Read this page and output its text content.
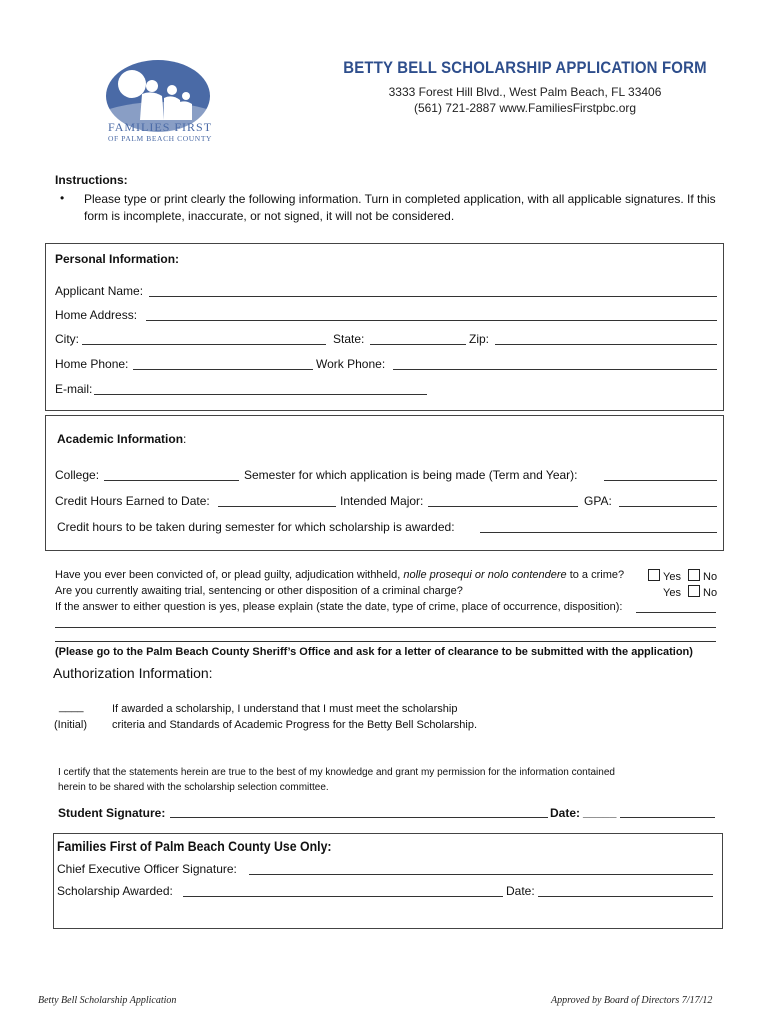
FAMILIES FIRST
OF PALM BEACH COUNTY
BETTY BELL SCHOLARSHIP APPLICATION FORM
3333 Forest Hill Blvd., West Palm Beach, FL 33406
(561) 721-2887 www.FamiliesFirstpbc.org
Instructions:
• Please type or print clearly the following information. Turn in completed application, with all applicable signatures. If this form is incomplete, inaccurate, or not signed, it will not be considered.
Personal Information:
Applicant Name:
Home Address:
City:	State:	Zip:
Home Phone:	Work Phone:
E-mail:
Academic Information:
College:	Semester for which application is being made (Term and Year):
Credit Hours Earned to Date:	Intended Major:	GPA:
Credit hours to be taken during semester for which scholarship is awarded:
Have you ever been convicted of, or plead guilty, adjudication withheld, nolle prosequi or nolo contendere to a crime?	Yes No
Are you currently awaiting trial, sentencing or other disposition of a criminal charge?	Yes No
If the answer to either question is yes, please explain (state the date, type of crime, place of occurrence, disposition):
(Please go to the Palm Beach County Sheriff’s Office and ask for a letter of clearance to be submitted with the application)
Authorization Information:
____
(Initial)
If awarded a scholarship, I understand that I must meet the scholarship
criteria and Standards of Academic Progress for the Betty Bell Scholarship.
I certify that the statements herein are true to the best of my knowledge and grant my permission for the information contained
herein to be shared with the scholarship selection committee.
Student Signature:	Date: _____
Families First of Palm Beach County Use Only:
Chief Executive Officer Signature:
Scholarship Awarded:	Date:
Betty Bell Scholarship Application	Approved by Board of Directors 7/17/12
